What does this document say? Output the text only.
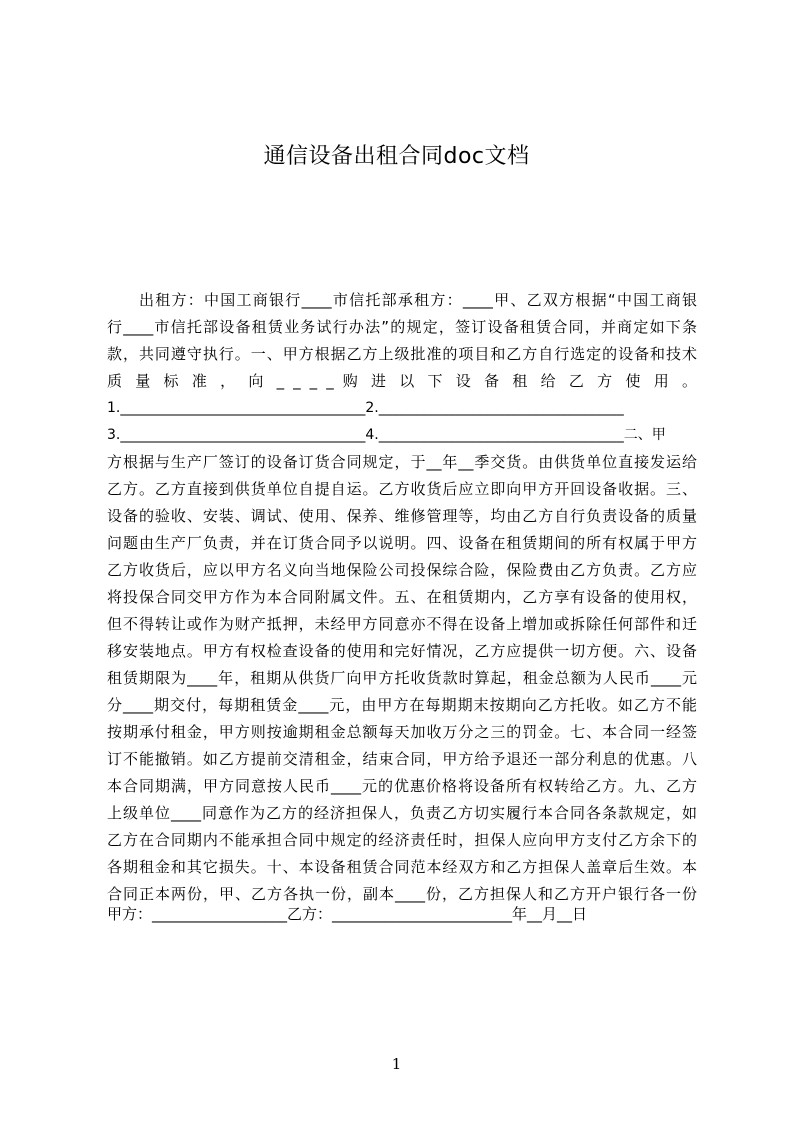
通信设备出租合同doc文档
出租方：中国工商银行____市信托部承租方：____甲、乙双方根据“中国工商银
行____市信托部设备租赁业务试行办法”的规定，签订设备租赁合同，并商定如下条
款，共同遵守执行。一、甲方根据乙方上级批准的项目和乙方自行选定的设备和技术
质 量 标 准 ， 向 _ _ _ _ 购 进 以 下 设 备 租 给 乙 方 使 用 。
1.___________________________________2.___________________________________
3.___________________________________4.___________________________________二、甲
方根据与生产厂签订的设备订货合同规定，于__年__季交货。由供货单位直接发运给
乙方。乙方直接到供货单位自提自运。乙方收货后应立即向甲方开回设备收据。三、
设备的验收、安装、调试、使用、保养、维修管理等，均由乙方自行负责设备的质量
问题由生产厂负责，并在订货合同予以说明。四、设备在租赁期间的所有权属于甲方
乙方收货后，应以甲方名义向当地保险公司投保综合险，保险费由乙方负责。乙方应
将投保合同交甲方作为本合同附属文件。五、在租赁期内，乙方享有设备的使用权，
但不得转让或作为财产抵押，未经甲方同意亦不得在设备上增加或拆除任何部件和迁
移安装地点。甲方有权检查设备的使用和完好情况，乙方应提供一切方便。六、设备
租赁期限为____年，租期从供货厂向甲方托收货款时算起，租金总额为人民币____元
分____期交付，每期租赁金____元，由甲方在每期期末按期向乙方托收。如乙方不能
按期承付租金，甲方则按逾期租金总额每天加收万分之三的罚金。七、本合同一经签
订不能撤销。如乙方提前交清租金，结束合同，甲方给予退还一部分利息的优惠。八
本合同期满，甲方同意按人民币____元的优惠价格将设备所有权转给乙方。九、乙方
上级单位____同意作为乙方的经济担保人，负责乙方切实履行本合同各条款规定，如
乙方在合同期内不能承担合同中规定的经济责任时，担保人应向甲方支付乙方余下的
各期租金和其它损失。十、本设备租赁合同范本经双方和乙方担保人盖章后生效。本
合同正本两份，甲、乙方各执一份，副本____份，乙方担保人和乙方开户银行各一份
甲方：__________________乙方：________________________年__月__日
1
